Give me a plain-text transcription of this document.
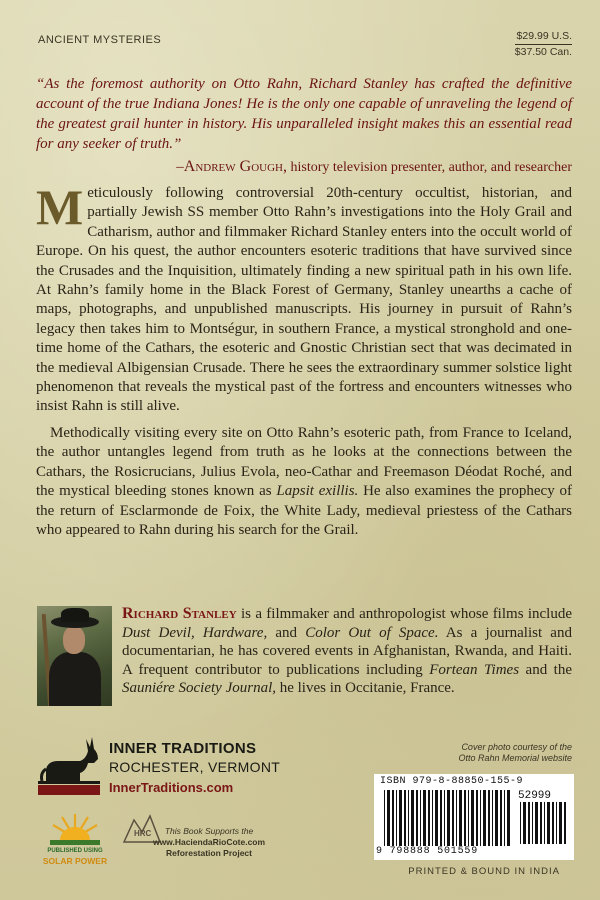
ANCIENT MYSTERIES	$29.99 U.S.
$37.50 Can.
“As the foremost authority on Otto Rahn, Richard Stanley has crafted the definitive account of the true Indiana Jones! He is the only one capable of unraveling the legend of the greatest grail hunter in history. His unparalleled insight makes this an essential read for any seeker of truth.”
–Andrew Gough, history television presenter, author, and researcher

Meticulously following controversial 20th-century occultist, historian, and partially Jewish SS member Otto Rahn’s investigations into the Holy Grail and Catharism, author and filmmaker Richard Stanley enters into the occult world of Europe. On his quest, the author encounters esoteric traditions that have survived since the Crusades and the Inquisition, ultimately finding a new spiritual path in his own life. At Rahn’s family home in the Black Forest of Germany, Stanley unearths a cache of maps, photographs, and unpublished manuscripts. His journey in pursuit of Rahn’s legacy then takes him to Montségur, in southern France, a mystical stronghold and one-time home of the Cathars, the esoteric and Gnostic Christian sect that was decimated in the medieval Albigensian Crusade. There he sees the extraordinary summer solstice light phenomenon that reveals the mystical past of the fortress and encounters witnesses who insist Rahn is still alive.

Methodically visiting every site on Otto Rahn’s esoteric path, from France to Iceland, the author untangles legend from truth as he looks at the connections between the Cathars, the Rosicrucians, Julius Evola, neo-Cathar and Freemason Déodat Roché, and the mystical bleeding stones known as Lapsit exillis. He also examines the prophecy of the return of Esclarmonde de Foix, the White Lady, medieval priestess of the Cathars who appeared to Rahn during his search for the Grail.

Richard Stanley is a filmmaker and anthropologist whose films include Dust Devil, Hardware, and Color Out of Space. As a journalist and documentarian, he has covered events in Afghanistan, Rwanda, and Haiti. A frequent contributor to publications including Fortean Times and the Sauniére Society Journal, he lives in Occitanie, France.
INNER TRADITIONS
ROCHESTER, VERMONT
InnerTraditions.com
Cover photo courtesy of the
Otto Rahn Memorial website
ISBN 979-8-88850-155-9
52999
9 798888 501559
PRINTED & BOUND IN INDIA
PUBLISHED USING
SOLAR POWER
HRC	This Book Supports the
www.HaciendaRioCote.com
Reforestation Project
